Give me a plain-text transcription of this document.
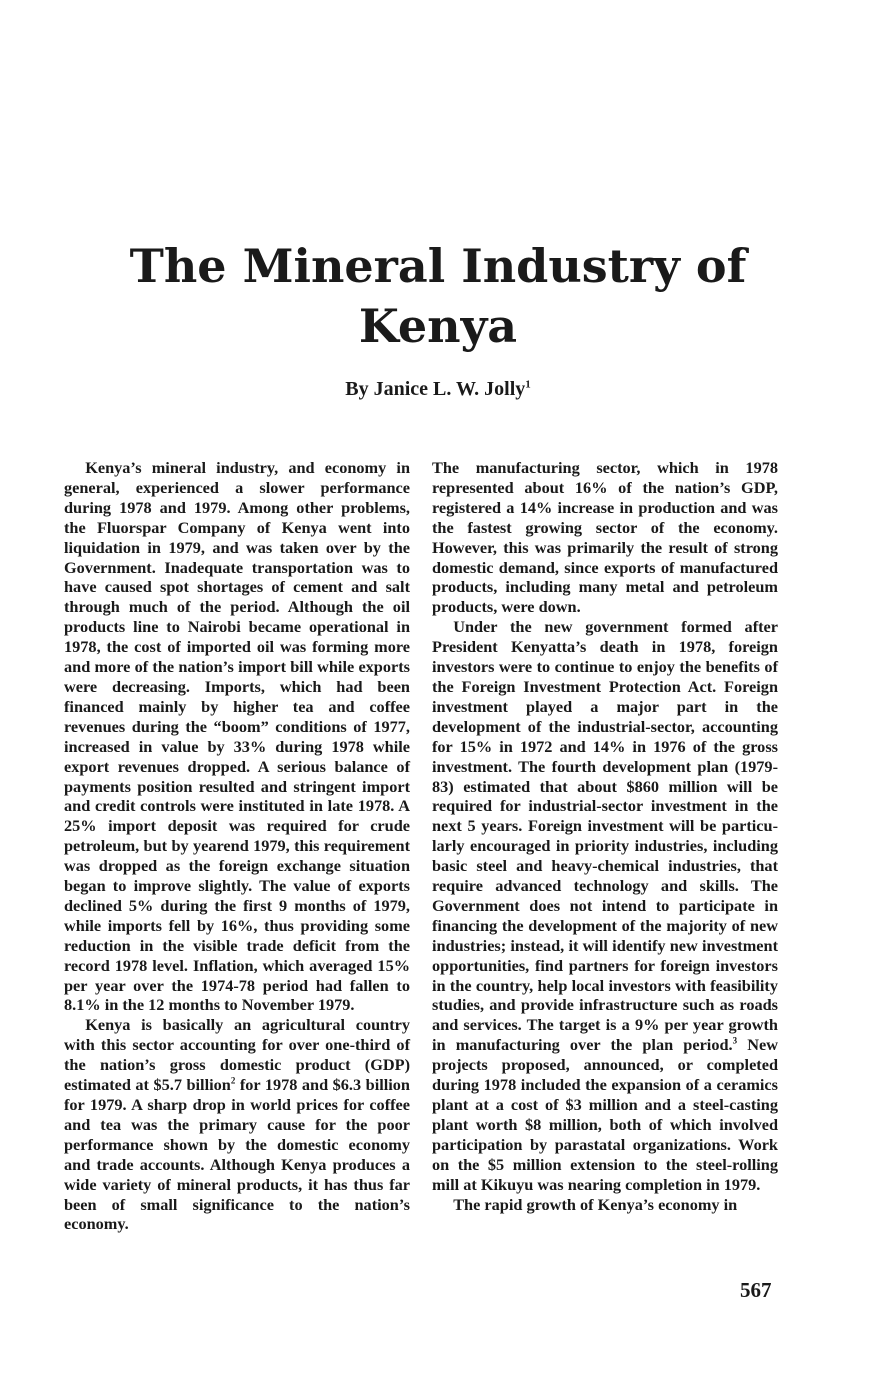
The Mineral Industry of
Kenya

By Janice L. W. Jolly$^1$

Kenya’s mineral industry, and economy in general, experienced a slower performance during 1978 and 1979. Among other problems, the Fluorspar Company of Kenya went into liquidation in 1979, and was taken over by the Government. Inadequate transportation was to have caused spot shortages of cement and salt through much of the period. Although the oil products line to Nairobi became operational in 1978, the cost of imported oil was forming more and more of the nation’s import bill while exports were decreasing. Imports, which had been financed mainly by higher tea and coffee revenues during the “boom” conditions of 1977, increased in value by 33% during 1978 while export revenues dropped. A serious balance of payments position resulted and stringent import and credit controls were instituted in late 1978. A 25% import deposit was required for crude petroleum, but by yearend 1979, this requirement was dropped as the foreign exchange situation began to improve slightly. The value of exports declined 5% during the first 9 months of 1979, while imports fell by 16%, thus providing some reduction in the visible trade deficit from the record 1978 level. Inflation, which averaged 15% per year over the 1974-78 period had fallen to 8.1% in the 12 months to November 1979.

Kenya is basically an agricultural country with this sector accounting for over one-third of the nation’s gross domestic product (GDP) estimated at $5.7 billion$^2$ for 1978 and $6.3 billion for 1979. A sharp drop in world prices for coffee and tea was the primary cause for the poor performance shown by the domestic economy and trade accounts. Although Kenya produces a wide variety of mineral products, it has thus far been of small significance to the nation’s economy.

The manufacturing sector, which in 1978 represented about 16% of the nation’s GDP, registered a 14% increase in production and was the fastest growing sector of the economy. However, this was primarily the result of strong domestic demand, since exports of manufactured products, including many metal and petroleum products, were down.

Under the new government formed after President Kenyatta’s death in 1978, foreign investors were to continue to enjoy the benefits of the Foreign Investment Protection Act. Foreign investment played a major part in the development of the industrial-sector, accounting for 15% in 1972 and 14% in 1976 of the gross investment. The fourth development plan (1979-83) estimated that about $860 million will be required for industrial-sector investment in the next 5 years. Foreign investment will be particularly encouraged in priority industries, including basic steel and heavy-chemical industries, that require advanced technology and skills. The Government does not intend to participate in financing the development of the majority of new industries; instead, it will identify new investment opportunities, find partners for foreign investors in the country, help local investors with feasibility studies, and provide infrastructure such as roads and services. The target is a 9% per year growth in manufacturing over the plan period.$^3$ New projects proposed, announced, or completed during 1978 included the expansion of a ceramics plant at a cost of $3 million and a steel-casting plant worth $8 million, both of which involved participation by parastatal organizations. Work on the $5 million extension to the steel-rolling mill at Kikuyu was nearing completion in 1979.

The rapid growth of Kenya’s economy in

567
